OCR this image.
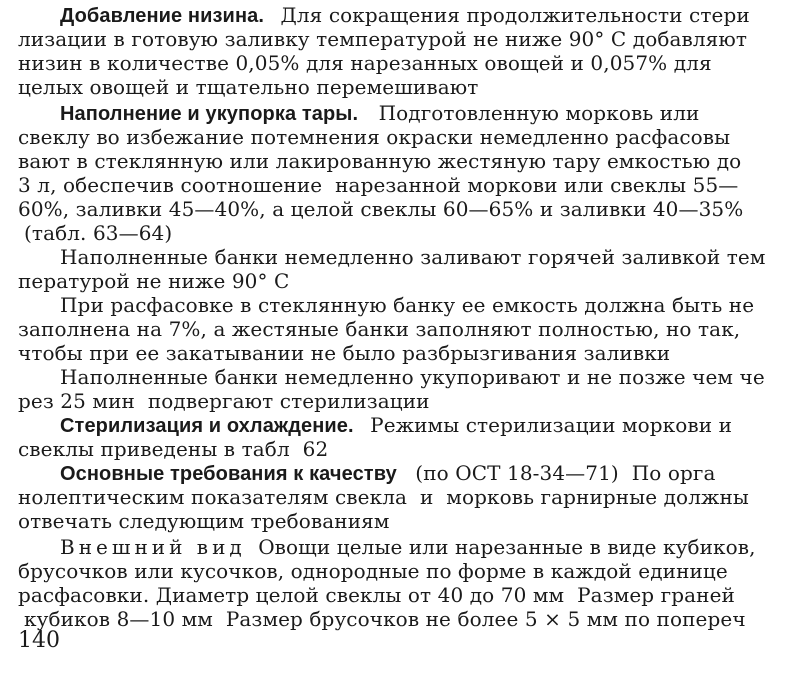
Добавление низина. Для сокращения продолжительности стери
лизации в готовую заливку температурой не ниже 90° С добавляют
низин в количестве 0,05% для нарезанных овощей и 0,057% для
целых овощей и тщательно перемешивают
Наполнение и укупорка тары. Подготовленную морковь или
свеклу во избежание потемнения окраски немедленно расфасовы
вают в стеклянную или лакированную жестяную тару емкостью до
3 л, обеспечив соотношение  нарезанной моркови или свеклы 55—
60%, заливки 45—40%, а целой свеклы 60—65% и заливки 40—35%
(табл. 63—64)
Наполненные банки немедленно заливают горячей заливкой тем
пературой не ниже 90° С
При расфасовке в стеклянную банку ее емкость должна быть не
заполнена на 7%, а жестяные банки заполняют полностью, но так,
чтобы при ее закатывании не было разбрызгивания заливки
Наполненные банки немедленно укупоривают и не позже чем че
рез 25 мин  подвергают стерилизации
Стерилизация и охлаждение. Режимы стерилизации моркови и
свеклы приведены в табл  62
Основные требования к качеству (по ОСТ 18-34—71)  По орга
нолептическим показателям свекла  и  морковь гарнирные должны
отвечать следующим требованиям
Внешний вид Овощи целые или нарезанные в виде кубиков,
брусочков или кусочков, однородные по форме в каждой единице
расфасовки. Диаметр целой свеклы от 40 до 70 мм  Размер граней
кубиков 8—10 мм  Размер брусочков не более 5 × 5 мм по попереч
140
